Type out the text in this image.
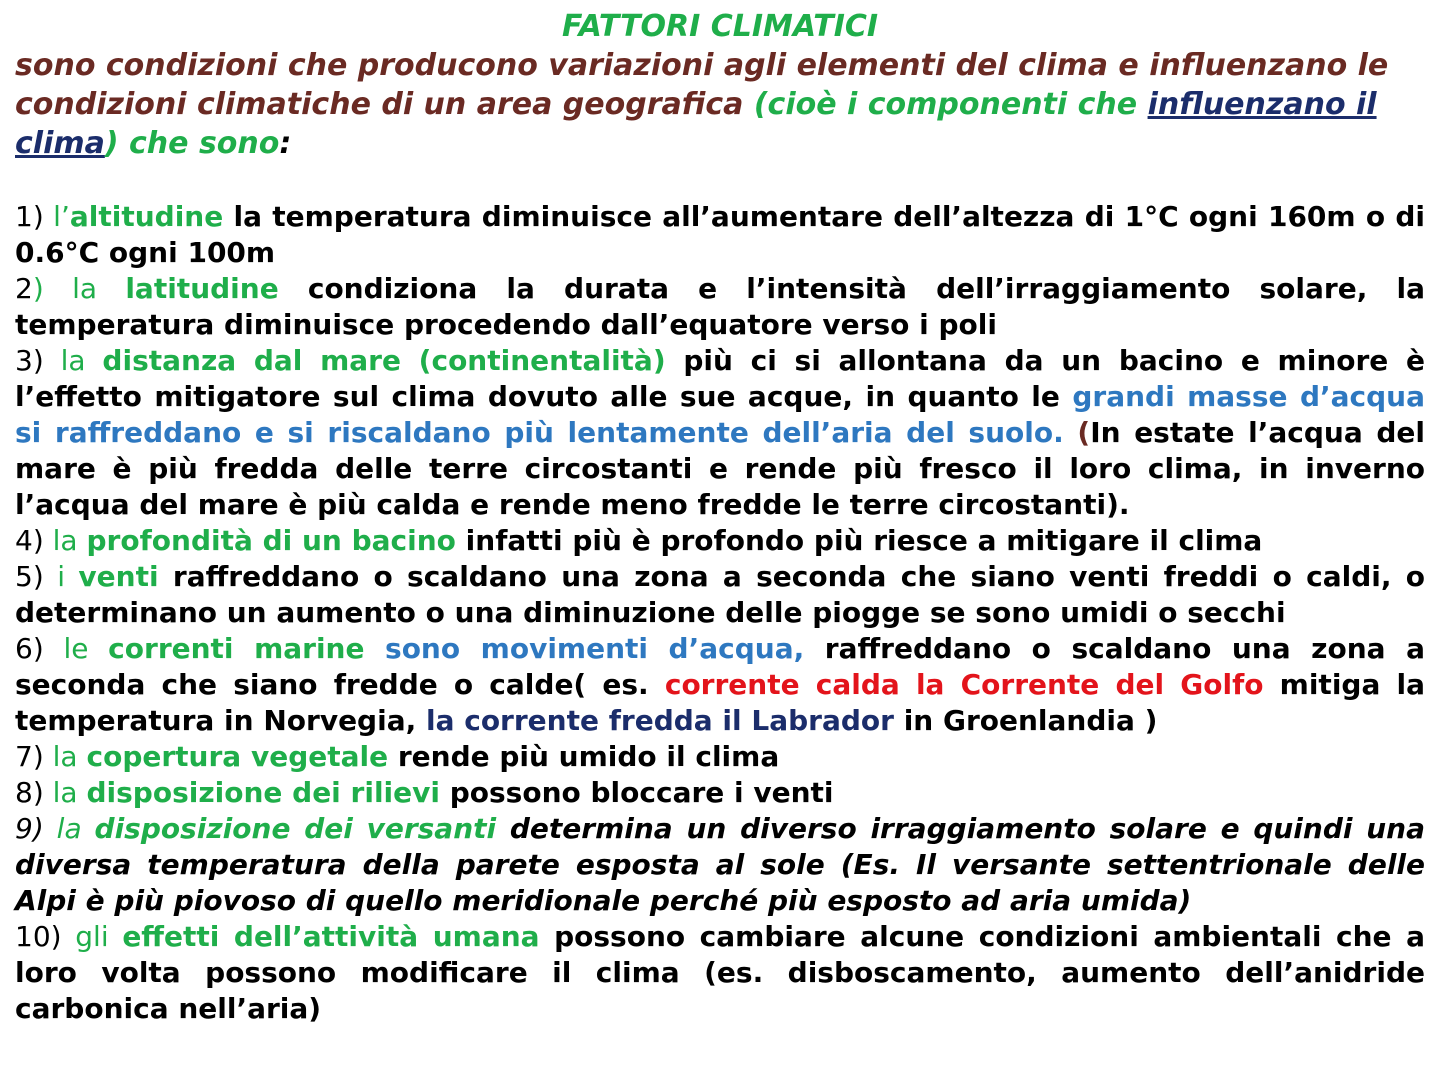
FATTORI CLIMATICI
sono condizioni che producono variazioni agli elementi del clima e influenzano le condizioni climatiche di un area geografica (cioè i componenti che influenzano il clima) che sono:

1) l’altitudine la temperatura diminuisce all’aumentare dell’altezza di 1°C ogni 160m o di 0.6°C ogni 100m

2) la latitudine condiziona la durata e l’intensità dell’irraggiamento solare, la temperatura diminuisce procedendo dall’equatore verso i poli

3) la distanza dal mare (continentalità) più ci si allontana da un bacino e minore è l’effetto mitigatore sul clima dovuto alle sue acque, in quanto le grandi masse d’acqua si raffreddano e si riscaldano più lentamente dell’aria del suolo. (In estate l’acqua del mare è più fredda delle terre circostanti e rende più fresco il loro clima, in inverno l’acqua del mare è più calda e rende meno fredde le terre circostanti).

4) la profondità di un bacino infatti più è profondo più riesce a mitigare il clima

5) i venti raffreddano o scaldano una zona a seconda che siano venti freddi o caldi, o determinano un aumento o una diminuzione delle piogge se sono umidi o secchi

6) le correnti marine sono movimenti d’acqua, raffreddano o scaldano una zona a seconda che siano fredde o calde( es. corrente calda la Corrente del Golfo mitiga la temperatura in Norvegia, la corrente fredda il Labrador in Groenlandia )

7) la copertura vegetale rende più umido il clima

8) la disposizione dei rilievi possono bloccare i venti

9) la disposizione dei versanti determina un diverso irraggiamento solare e quindi una diversa temperatura della parete esposta al sole (Es. Il versante settentrionale delle Alpi è più piovoso di quello meridionale perché più esposto ad aria umida)

10) gli effetti dell’attività umana possono cambiare alcune condizioni ambientali che a loro volta possono modificare il clima (es. disboscamento, aumento dell’anidride carbonica nell’aria)
